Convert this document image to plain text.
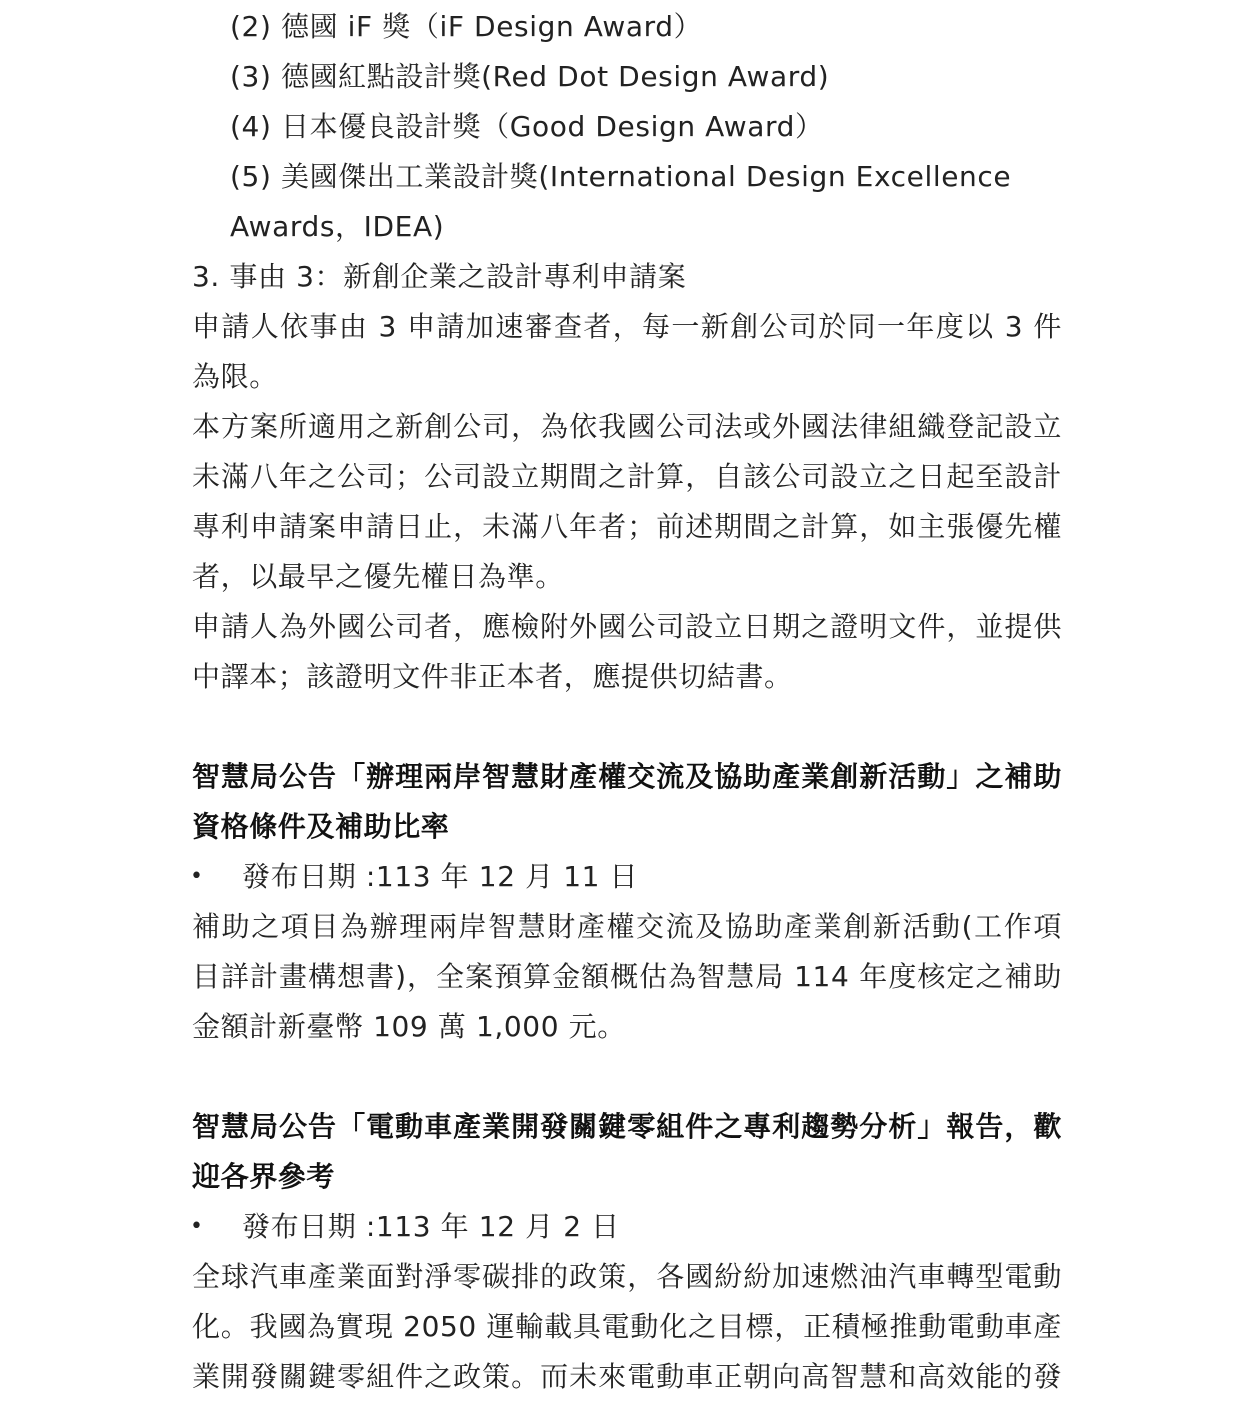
(2) 德國 iF 獎（iF Design Award）
(3) 德國紅點設計獎(Red Dot Design Award)
(4) 日本優良設計獎（Good Design Award）
(5) 美國傑出工業設計獎(International Design Excellence
Awards，IDEA)
3. 事由 3：新創企業之設計專利申請案
申請人依事由 3 申請加速審查者，每一新創公司於同一年度以 3 件
為限。
本方案所適用之新創公司，為依我國公司法或外國法律組織登記設立
未滿八年之公司；公司設立期間之計算，自該公司設立之日起至設計
專利申請案申請日止，未滿八年者；前述期間之計算，如主張優先權
者，以最早之優先權日為準。
申請人為外國公司者，應檢附外國公司設立日期之證明文件，並提供
中譯本；該證明文件非正本者，應提供切結書。
智慧局公告「辦理兩岸智慧財產權交流及協助產業創新活動」之補助
資格條件及補助比率
• 發布日期 :113 年 12 月 11 日
補助之項目為辦理兩岸智慧財產權交流及協助產業創新活動(工作項
目詳計畫構想書)，全案預算金額概估為智慧局 114 年度核定之補助
金額計新臺幣 109 萬 1,000 元。
智慧局公告「電動車產業開發關鍵零組件之專利趨勢分析」報告，歡
迎各界參考
• 發布日期 :113 年 12 月 2 日
全球汽車產業面對淨零碳排的政策，各國紛紛加速燃油汽車轉型電動
化。我國為實現 2050 運輸載具電動化之目標，正積極推動電動車產
業開發關鍵零組件之政策。而未來電動車正朝向高智慧和高效能的發
